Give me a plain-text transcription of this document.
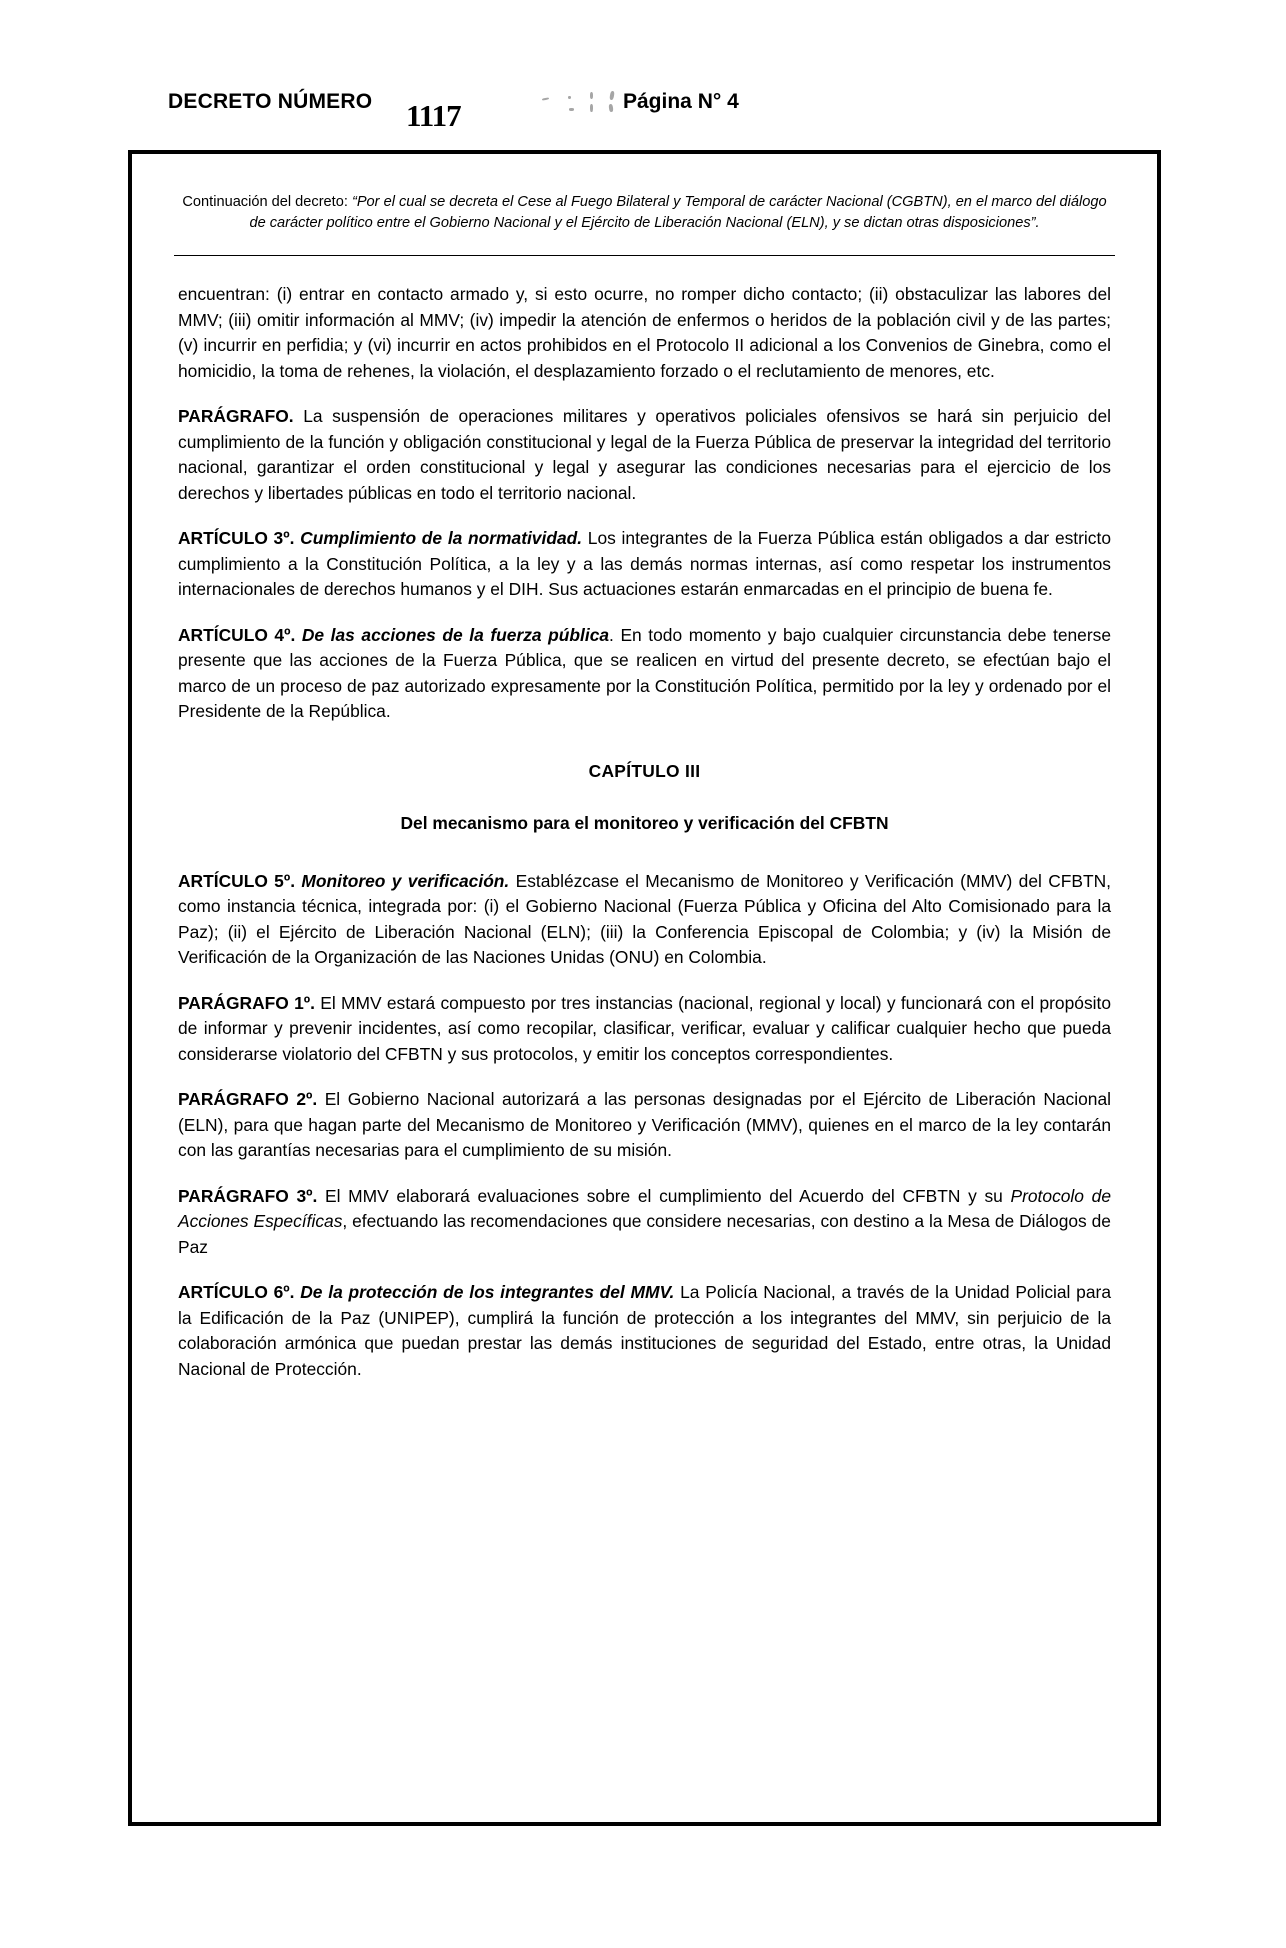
DECRETO NÚMERO 1117	Página N° 4
Continuación del decreto: “Por el cual se decreta el Cese al Fuego Bilateral y Temporal de carácter Nacional (CGBTN), en el marco del diálogo de carácter político entre el Gobierno Nacional y el Ejército de Liberación Nacional (ELN), y se dictan otras disposiciones”.

encuentran: (i) entrar en contacto armado y, si esto ocurre, no romper dicho contacto; (ii) obstaculizar las labores del MMV; (iii) omitir información al MMV; (iv) impedir la atención de enfermos o heridos de la población civil y de las partes; (v) incurrir en perfidia; y (vi) incurrir en actos prohibidos en el Protocolo II adicional a los Convenios de Ginebra, como el homicidio, la toma de rehenes, la violación, el desplazamiento forzado o el reclutamiento de menores, etc.

PARÁGRAFO. La suspensión de operaciones militares y operativos policiales ofensivos se hará sin perjuicio del cumplimiento de la función y obligación constitucional y legal de la Fuerza Pública de preservar la integridad del territorio nacional, garantizar el orden constitucional y legal y asegurar las condiciones necesarias para el ejercicio de los derechos y libertades públicas en todo el territorio nacional.

ARTÍCULO 3º. Cumplimiento de la normatividad. Los integrantes de la Fuerza Pública están obligados a dar estricto cumplimiento a la Constitución Política, a la ley y a las demás normas internas, así como respetar los instrumentos internacionales de derechos humanos y el DIH. Sus actuaciones estarán enmarcadas en el principio de buena fe.

ARTÍCULO 4º. De las acciones de la fuerza pública. En todo momento y bajo cualquier circunstancia debe tenerse presente que las acciones de la Fuerza Pública, que se realicen en virtud del presente decreto, se efectúan bajo el marco de un proceso de paz autorizado expresamente por la Constitución Política, permitido por la ley y ordenado por el Presidente de la República.

CAPÍTULO III
Del mecanismo para el monitoreo y verificación del CFBTN

ARTÍCULO 5º. Monitoreo y verificación. Establézcase el Mecanismo de Monitoreo y Verificación (MMV) del CFBTN, como instancia técnica, integrada por: (i) el Gobierno Nacional (Fuerza Pública y Oficina del Alto Comisionado para la Paz); (ii) el Ejército de Liberación Nacional (ELN); (iii) la Conferencia Episcopal de Colombia; y (iv) la Misión de Verificación de la Organización de las Naciones Unidas (ONU) en Colombia.

PARÁGRAFO 1º. El MMV estará compuesto por tres instancias (nacional, regional y local) y funcionará con el propósito de informar y prevenir incidentes, así como recopilar, clasificar, verificar, evaluar y calificar cualquier hecho que pueda considerarse violatorio del CFBTN y sus protocolos, y emitir los conceptos correspondientes.

PARÁGRAFO 2º. El Gobierno Nacional autorizará a las personas designadas por el Ejército de Liberación Nacional (ELN), para que hagan parte del Mecanismo de Monitoreo y Verificación (MMV), quienes en el marco de la ley contarán con las garantías necesarias para el cumplimiento de su misión.

PARÁGRAFO 3º. El MMV elaborará evaluaciones sobre el cumplimiento del Acuerdo del CFBTN y su Protocolo de Acciones Específicas, efectuando las recomendaciones que considere necesarias, con destino a la Mesa de Diálogos de Paz

ARTÍCULO 6º. De la protección de los integrantes del MMV. La Policía Nacional, a través de la Unidad Policial para la Edificación de la Paz (UNIPEP), cumplirá la función de protección a los integrantes del MMV, sin perjuicio de la colaboración armónica que puedan prestar las demás instituciones de seguridad del Estado, entre otras, la Unidad Nacional de Protección.
